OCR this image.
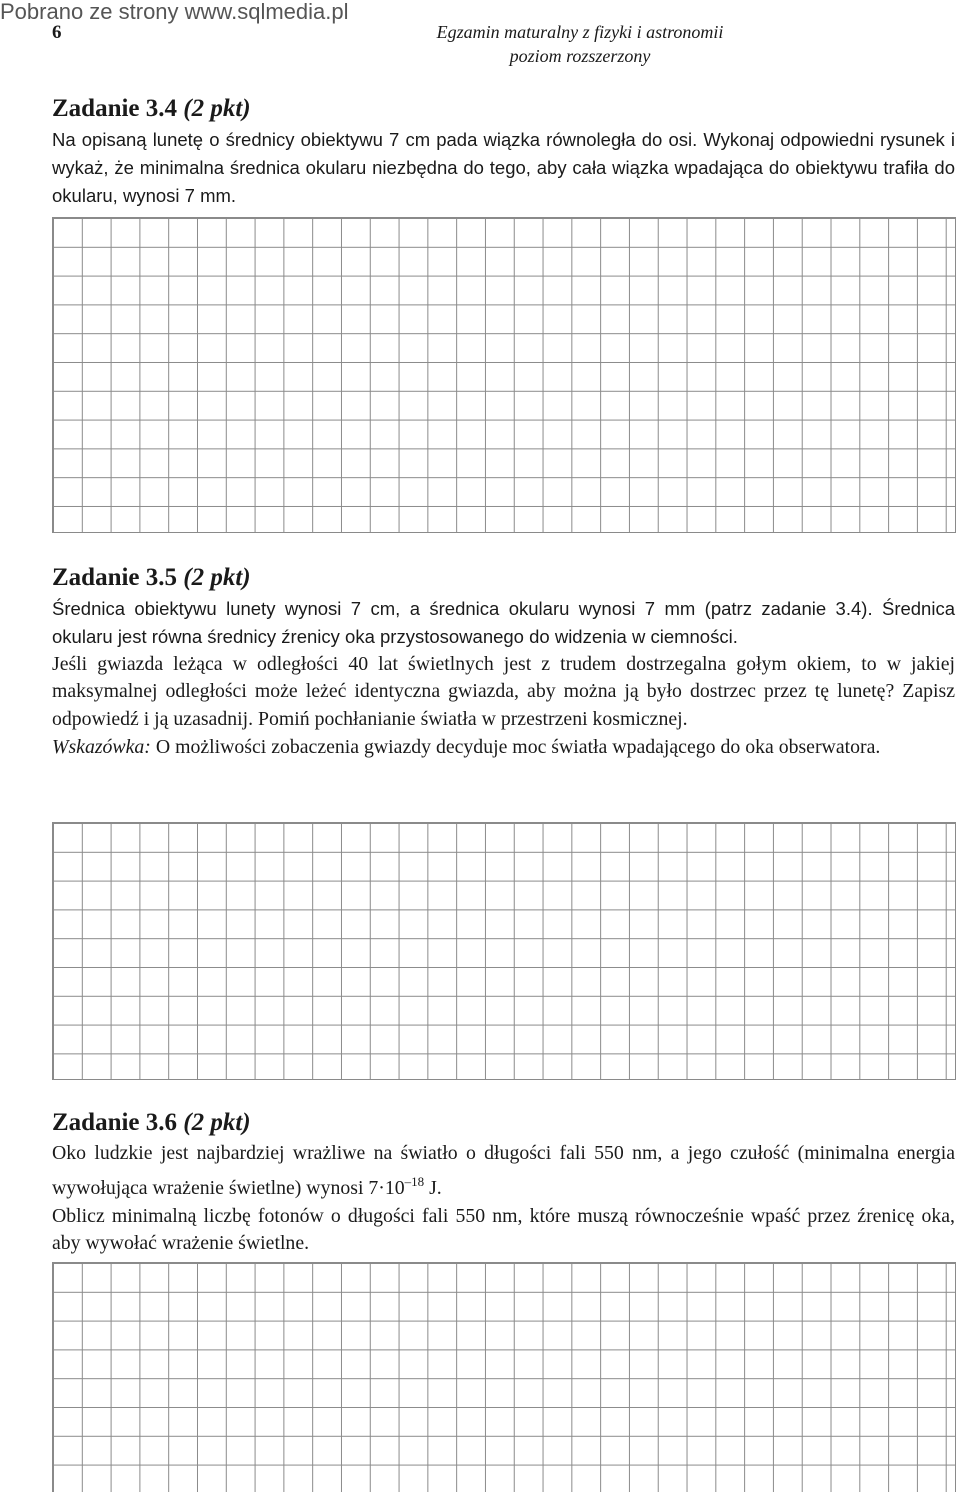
Pobrano ze strony www.sqlmedia.pl
6	Egzamin maturalny z fizyki i astronomii
poziom rozszerzony
Zadanie 3.4 (2 pkt)

Na opisaną lunetę o średnicy obiektywu 7 cm pada wiązka równoległa do osi. Wykonaj odpowiedni rysunek i wykaż, że minimalna średnica okularu niezbędna do tego, aby cała wiązka wpadająca do obiektywu trafiła do okularu, wynosi 7 mm.

Zadanie 3.5 (2 pkt)

Średnica obiektywu lunety wynosi 7 cm, a średnica okularu wynosi 7 mm (patrz zadanie 3.4). Średnica okularu jest równa średnicy źrenicy oka przystosowanego do widzenia w ciemności.

Jeśli gwiazda leżąca w odległości 40 lat świetlnych jest z trudem dostrzegalna gołym okiem, to w jakiej maksymalnej odległości może leżeć identyczna gwiazda, aby można ją było dostrzec przez tę lunetę? Zapisz odpowiedź i ją uzasadnij. Pomiń pochłanianie światła w przestrzeni kosmicznej.

Wskazówka: O możliwości zobaczenia gwiazdy decyduje moc światła wpadającego do oka obserwatora.

Zadanie 3.6 (2 pkt)

Oko ludzkie jest najbardziej wrażliwe na światło o długości fali 550 nm, a jego czułość (minimalna energia wywołująca wrażenie świetlne) wynosi $7\cdot 10^{-18}$ J.

Oblicz minimalną liczbę fotonów o długości fali 550 nm, które muszą równocześnie wpaść przez źrenicę oka, aby wywołać wrażenie świetlne.
